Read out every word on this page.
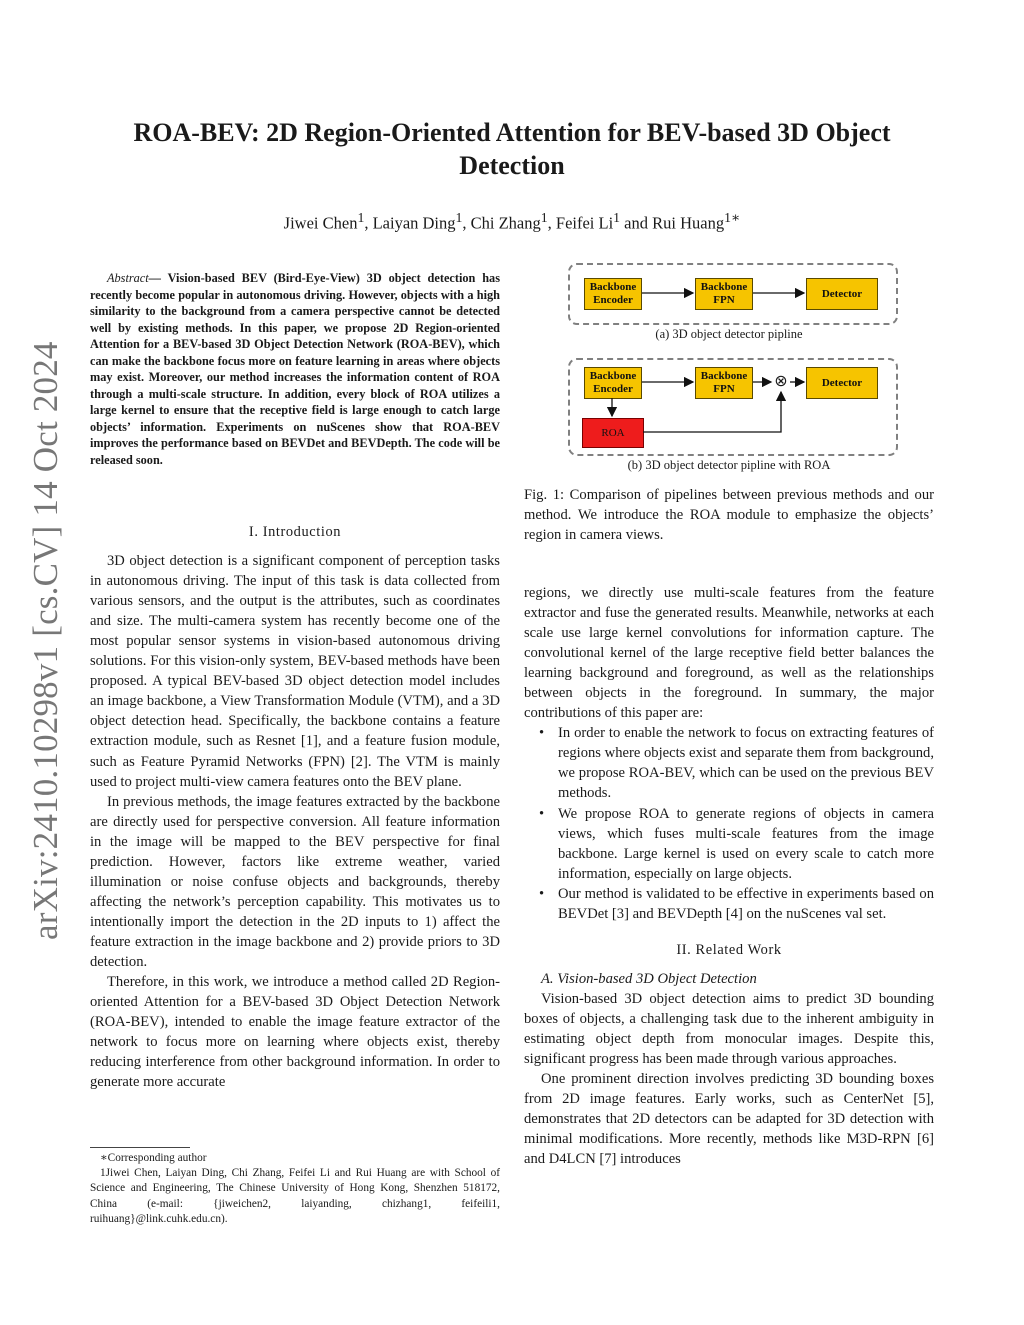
arXiv:2410.10298v1 [cs.CV] 14 Oct 2024
ROA-BEV: 2D Region-Oriented Attention for BEV-based 3D Object Detection
Jiwei Chen$^1$, Laiyan Ding$^1$, Chi Zhang$^1$, Feifei Li$^1$ and Rui Huang$^{1∗}$

Abstract— Vision-based BEV (Bird-Eye-View) 3D object detection has recently become popular in autonomous driving. However, objects with a high similarity to the background from a camera perspective cannot be detected well by existing methods. In this paper, we propose 2D Region-oriented Attention for a BEV-based 3D Object Detection Network (ROA-BEV), which can make the backbone focus more on feature learning in areas where objects may exist. Moreover, our method increases the information content of ROA through a multi-scale structure. In addition, every block of ROA utilizes a large kernel to ensure that the receptive field is large enough to catch large objects’ information. Experiments on nuScenes show that ROA-BEV improves the performance based on BEVDet and BEVDepth. The code will be released soon.

I. Introduction

3D object detection is a significant component of perception tasks in autonomous driving. The input of this task is data collected from various sensors, and the output is the attributes, such as coordinates and size. The multi-camera system has recently become one of the most popular sensor systems in vision-based autonomous driving solutions. For this vision-only system, BEV-based methods have been proposed. A typical BEV-based 3D object detection model includes an image backbone, a View Transformation Module (VTM), and a 3D object detection head. Specifically, the backbone contains a feature extraction module, such as Resnet [1], and a feature fusion module, such as Feature Pyramid Networks (FPN) [2]. The VTM is mainly used to project multi-view camera features onto the BEV plane.

In previous methods, the image features extracted by the backbone are directly used for perspective conversion. All feature information in the image will be mapped to the BEV perspective for final prediction. However, factors like extreme weather, varied illumination or noise confuse objects and backgrounds, thereby affecting the network’s perception capability. This motivates us to intentionally import the detection in the 2D inputs to 1) affect the feature extraction in the image backbone and 2) provide priors to 3D detection.

Therefore, in this work, we introduce a method called 2D Region-oriented Attention for a BEV-based 3D Object Detection Network (ROA-BEV), intended to enable the image feature extractor of the network to focus more on learning where objects exist, thereby reducing interference from other background information. In order to generate more accurate

∗Corresponding author

1Jiwei Chen, Laiyan Ding, Chi Zhang, Feifei Li and Rui Huang are with School of Science and Engineering, The Chinese University of Hong Kong, Shenzhen 518172, China (e-mail: {jiweichen2, laiyanding, chizhang1, feifeili1, ruihuang}@link.cuhk.edu.cn).

Backbone Encoder
Backbone FPN
Detector
(a) 3D object detector pipline
Backbone Encoder
Backbone FPN
Detector
ROA
⊗
(b) 3D object detector pipline with ROA
Fig. 1: Comparison of pipelines between previous methods and our method. We introduce the ROA module to emphasize the objects’ region in camera views.

regions, we directly use multi-scale features from the feature extractor and fuse the generated results. Meanwhile, networks at each scale use large kernel convolutions for information capture. The convolutional kernel of the large receptive field better balances the learning background and foreground, as well as the relationships between objects in the foreground. In summary, the major contributions of this paper are:

• In order to enable the network to focus on extracting features of regions where objects exist and separate them from background, we propose ROA-BEV, which can be used on the previous BEV methods.
• We propose ROA to generate regions of objects in camera views, which fuses multi-scale features from the image backbone. Large kernel is used on every scale to catch more information, especially on large objects.
• Our method is validated to be effective in experiments based on BEVDet [3] and BEVDepth [4] on the nuScenes val set.
II. Related Work

A. Vision-based 3D Object Detection

Vision-based 3D object detection aims to predict 3D bounding boxes of objects, a challenging task due to the inherent ambiguity in estimating object depth from monocular images. Despite this, significant progress has been made through various approaches.

One prominent direction involves predicting 3D bounding boxes from 2D image features. Early works, such as CenterNet [5], demonstrates that 2D detectors can be adapted for 3D detection with minimal modifications. More recently, methods like M3D-RPN [6] and D4LCN [7] introduces
